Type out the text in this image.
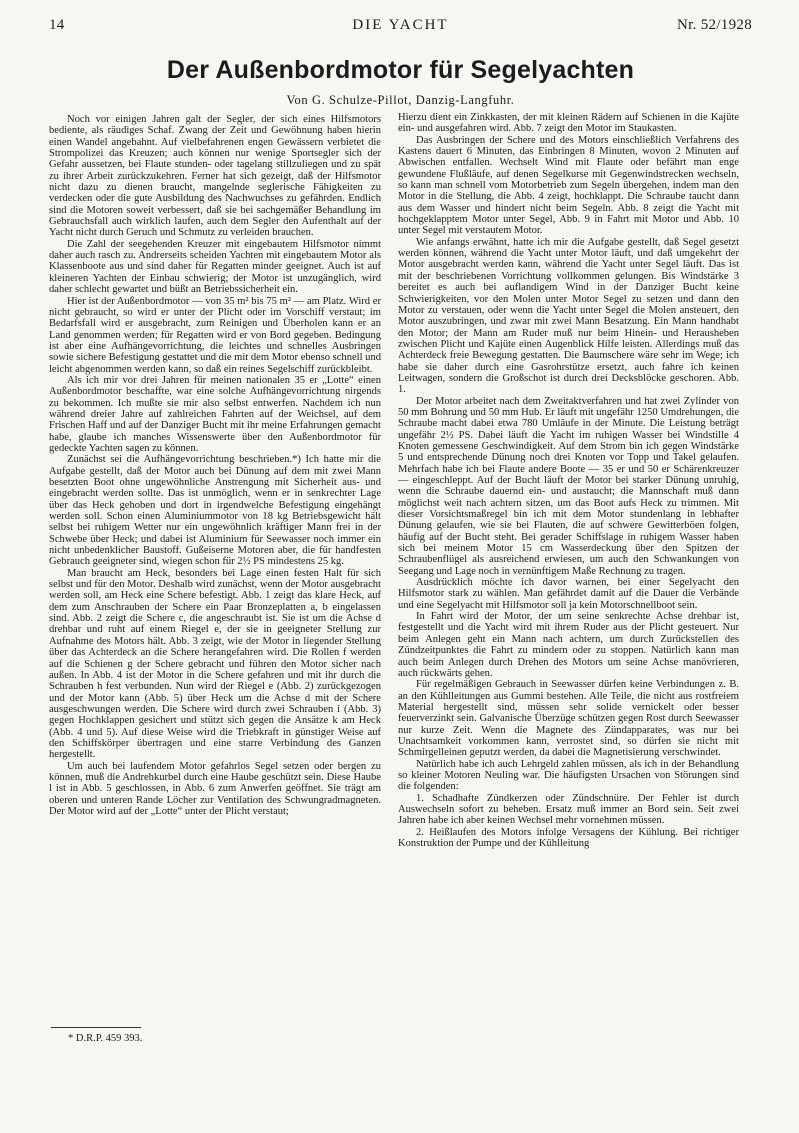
14	DIE YACHT	Nr. 52/1928
Der Außenbordmotor für Segelyachten
Von G. Schulze-Pillot, Danzig-Langfuhr.

Noch vor einigen Jahren galt der Segler, der sich eines Hilfsmotors bediente, als räudiges Schaf. Zwang der Zeit und Gewöhnung haben hierin einen Wandel angebahnt. Auf vielbefahrenen engen Gewässern verbietet die Strompolizei das Kreuzen; auch können nur wenige Sportsegler sich der Gefahr aussetzen, bei Flaute stunden- oder tagelang stillzuliegen und zu spät zu ihrer Arbeit zurückzukehren. Ferner hat sich gezeigt, daß der Hilfsmotor nicht dazu zu dienen braucht, mangelnde seglerische Fähigkeiten zu verdecken oder die gute Ausbildung des Nachwuchses zu gefährden. Endlich sind die Motoren soweit verbessert, daß sie bei sachgemäßer Behandlung im Gebrauchsfall auch wirklich laufen, auch dem Segler den Aufenthalt auf der Yacht nicht durch Geruch und Schmutz zu verleiden brauchen.

Die Zahl der seegehenden Kreuzer mit eingebautem Hilfsmotor nimmt daher auch rasch zu. Andrerseits scheiden Yachten mit eingebautem Motor als Klassenboote aus und sind daher für Regatten minder geeignet. Auch ist auf kleineren Yachten der Einbau schwierig; der Motor ist unzugänglich, wird daher schlecht gewartet und büßt an Betriebssicherheit ein.

Hier ist der Außenbordmotor — von 35 m² bis 75 m² — am Platz. Wird er nicht gebraucht, so wird er unter der Plicht oder im Vorschiff verstaut; im Bedarfsfall wird er ausgebracht, zum Reinigen und Überholen kann er an Land genommen werden; für Regatten wird er von Bord gegeben. Bedingung ist aber eine Aufhängevorrichtung, die leichtes und schnelles Ausbringen sowie sichere Befestigung gestattet und die mit dem Motor ebenso schnell und leicht abgenommen werden kann, so daß ein reines Segelschiff zurückbleibt.

Als ich mir vor drei Jahren für meinen nationalen 35 er „Lotte“ einen Außenbordmotor beschaffte, war eine solche Aufhängevorrichtung nirgends zu bekommen. Ich mußte sie mir also selbst entwerfen. Nachdem ich nun während dreier Jahre auf zahlreichen Fahrten auf der Weichsel, auf dem Frischen Haff und auf der Danziger Bucht mit ihr meine Erfahrungen gemacht habe, glaube ich manches Wissenswerte über den Außenbordmotor für gedeckte Yachten sagen zu können.

Zunächst sei die Aufhängevorrichtung beschrieben.*) Ich hatte mir die Aufgabe gestellt, daß der Motor auch bei Dünung auf dem mit zwei Mann besetzten Boot ohne ungewöhnliche Anstrengung mit Sicherheit aus- und eingebracht werden sollte. Das ist unmöglich, wenn er in senkrechter Lage über das Heck gehoben und dort in irgendwelche Befestigung eingehängt werden soll. Schon einen Aluminiummotor von 18 kg Betriebsgewicht hält selbst bei ruhigem Wetter nur ein ungewöhnlich kräftiger Mann frei in der Schwebe über Heck; und dabei ist Aluminium für Seewasser noch immer ein nicht unbedenklicher Baustoff. Gußeiserne Motoren aber, die für handfesten Gebrauch geeigneter sind, wiegen schon für 2½ PS mindestens 25 kg.

Man braucht am Heck, besonders bei Lage einen festen Halt für sich selbst und für den Motor. Deshalb wird zunächst, wenn der Motor ausgebracht werden soll, am Heck eine Schere befestigt. Abb. 1 zeigt das klare Heck, auf dem zum Anschrauben der Schere ein Paar Bronzeplatten a, b eingelassen sind. Abb. 2 zeigt die Schere c, die angeschraubt ist. Sie ist um die Achse d drehbar und ruht auf einem Riegel e, der sie in geeigneter Stellung zur Aufnahme des Motors hält. Abb. 3 zeigt, wie der Motor in liegender Stellung über das Achterdeck an die Schere herangefahren wird. Die Rollen f werden auf die Schienen g der Schere gebracht und führen den Motor sicher nach außen. In Abb. 4 ist der Motor in die Schere gefahren und mit ihr durch die Schrauben h fest verbunden. Nun wird der Riegel e (Abb. 2) zurückgezogen und der Motor kann (Abb. 5) über Heck um die Achse d mit der Schere ausgeschwungen werden. Die Schere wird durch zwei Schrauben i (Abb. 3) gegen Hochklappen gesichert und stützt sich gegen die Ansätze k am Heck (Abb. 4 und 5). Auf diese Weise wird die Triebkraft in günstiger Weise auf den Schiffskörper übertragen und eine starre Verbindung des Ganzen hergestellt.

Um auch bei laufendem Motor gefahrlos Segel setzen oder bergen zu können, muß die Andrehkurbel durch eine Haube geschützt sein. Diese Haube l ist in Abb. 5 geschlossen, in Abb. 6 zum Anwerfen geöffnet. Sie trägt am oberen und unteren Rande Löcher zur Ventilation des Schwungradmagneten. Der Motor wird auf der „Lotte“ unter der Plicht verstaut;

Hierzu dient ein Zinkkasten, der mit kleinen Rädern auf Schienen in die Kajüte ein- und ausgefahren wird. Abb. 7 zeigt den Motor im Staukasten.

Das Ausbringen der Schere und des Motors einschließlich Verfahrens des Kastens dauert 6 Minuten, das Einbringen 8 Minuten, wovon 2 Minuten auf Abwischen entfallen. Wechselt Wind mit Flaute oder befährt man enge gewundene Flußläufe, auf denen Segelkurse mit Gegenwindstrecken wechseln, so kann man schnell vom Motorbetrieb zum Segeln übergehen, indem man den Motor in die Stellung, die Abb. 4 zeigt, hochklappt. Die Schraube taucht dann aus dem Wasser und hindert nicht beim Segeln. Abb. 8 zeigt die Yacht mit hochgeklapptem Motor unter Segel, Abb. 9 in Fahrt mit Motor und Abb. 10 unter Segel mit verstautem Motor.

Wie anfangs erwähnt, hatte ich mir die Aufgabe gestellt, daß Segel gesetzt werden können, während die Yacht unter Motor läuft, und daß umgekehrt der Motor ausgebracht werden kann, während die Yacht unter Segel läuft. Das ist mit der beschriebenen Vorrichtung vollkommen gelungen. Bis Windstärke 3 bereitet es auch bei auflandigem Wind in der Danziger Bucht keine Schwierigkeiten, vor den Molen unter Motor Segel zu setzen und dann den Motor zu verstauen, oder wenn die Yacht unter Segel die Molen ansteuert, den Motor auszubringen, und zwar mit zwei Mann Besatzung. Ein Mann handhabt den Motor; der Mann am Ruder muß nur beim Hinein- und Herausheben zwischen Plicht und Kajüte einen Augenblick Hilfe leisten. Allerdings muß das Achterdeck freie Bewegung gestatten. Die Baumschere wäre sehr im Wege; ich habe sie daher durch eine Gasrohrstütze ersetzt, auch fahre ich keinen Leitwagen, sondern die Großschot ist durch drei Decksblöcke geschoren. Abb. 1.

Der Motor arbeitet nach dem Zweitaktverfahren und hat zwei Zylinder von 50 mm Bohrung und 50 mm Hub. Er läuft mit ungefähr 1250 Umdrehungen, die Schraube macht dabei etwa 780 Umläufe in der Minute. Die Leistung beträgt ungefähr 2½ PS. Dabei läuft die Yacht im ruhigen Wasser bei Windstille 4 Knoten gemessene Geschwindigkeit. Auf dem Strom bin ich gegen Windstärke 5 und entsprechende Dünung noch drei Knoten vor Topp und Takel gelaufen. Mehrfach habe ich bei Flaute andere Boote — 35 er und 50 er Schärenkreuzer — eingeschleppt. Auf der Bucht läuft der Motor bei starker Dünung unruhig, wenn die Schraube dauernd ein- und austaucht; die Mannschaft muß dann möglichst weit nach achtern sitzen, um das Boot aufs Heck zu trimmen. Mit dieser Vorsichtsmaßregel bin ich mit dem Motor stundenlang in lebhafter Dünung gelaufen, wie sie bei Flauten, die auf schwere Gewitterböen folgen, häufig auf der Bucht steht. Bei gerader Schiffslage in ruhigem Wasser haben sich bei meinem Motor 15 cm Wasserdeckung über den Spitzen der Schraubenflügel als ausreichend erwiesen, um auch den Schwankungen von Seegang und Lage noch in vernünftigem Maße Rechnung zu tragen.

Ausdrücklich möchte ich davor warnen, bei einer Segelyacht den Hilfsmotor stark zu wählen. Man gefährdet damit auf die Dauer die Verbände und eine Segelyacht mit Hilfsmotor soll ja kein Motorschnellboot sein.

In Fahrt wird der Motor, der um seine senkrechte Achse drehbar ist, festgestellt und die Yacht wird mit ihrem Ruder aus der Plicht gesteuert. Nur beim Anlegen geht ein Mann nach achtern, um durch Zurückstellen des Zündzeitpunktes die Fahrt zu mindern oder zu stoppen. Natürlich kann man auch beim Anlegen durch Drehen des Motors um seine Achse manövrieren, auch rückwärts gehen.

Für regelmäßigen Gebrauch in Seewasser dürfen keine Verbindungen z. B. an den Kühlleitungen aus Gummi bestehen. Alle Teile, die nicht aus rostfreiem Material hergestellt sind, müssen sehr solide vernickelt oder besser feuerverzinkt sein. Galvanische Überzüge schützen gegen Rost durch Seewasser nur kurze Zeit. Wenn die Magnete des Zündapparates, was nur bei Unachtsamkeit vorkommen kann, verrostet sind, so dürfen sie nicht mit Schmirgelleinen geputzt werden, da dabei die Magnetisierung verschwindet.

Natürlich habe ich auch Lehrgeld zahlen müssen, als ich in der Behandlung so kleiner Motoren Neuling war. Die häufigsten Ursachen von Störungen sind die folgenden:

1. Schadhafte Zündkerzen oder Zündschnüre. Der Fehler ist durch Auswechseln sofort zu beheben. Ersatz muß immer an Bord sein. Seit zwei Jahren habe ich aber keinen Wechsel mehr vornehmen müssen.

2. Heißlaufen des Motors infolge Versagens der Kühlung. Bei richtiger Konstruktion der Pumpe und der Kühlleitung

* D.R.P. 459 393.
